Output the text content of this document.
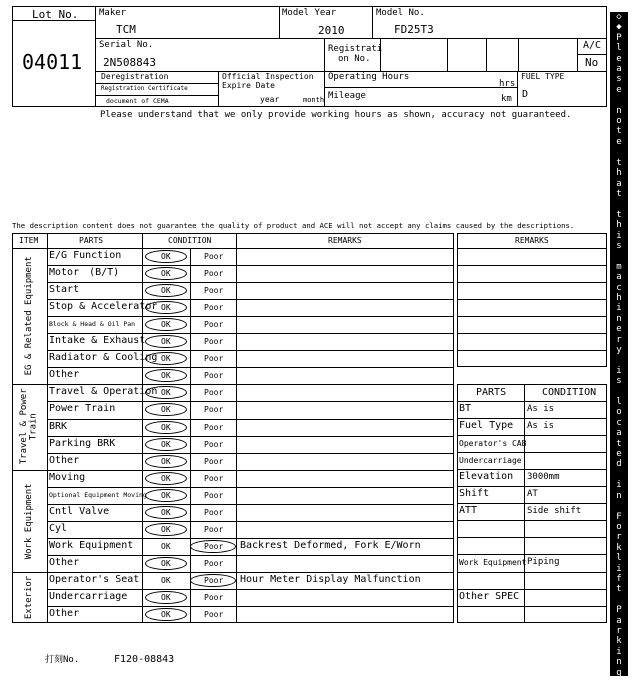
Lot No.
04011
Maker
TCM
Model Year
2010
Model No.
FD25T3
Serial No.
2N508843
Registrati
on No.
A/C
No
Deregistration
Registration Certificate
document of CEMA
Official Inspection
Expire Date
year	month
Operating Hours
hrs
Mileage	km
FUEL TYPE
D
Please understand that we only provide working hours as shown, accuracy not guaranteed.
The description content does not guarantee the quality of product and ACE will not accept any claims caused by the descriptions.
ITEM	PARTS	CONDITION	REMARKS
EG & Related Equipment
E/G Function	OK	Poor
Motor　(B/T)	OK	Poor
Start	OK	Poor
Stop & Accelerator OK	Poor
Block & Head & Oil Pan	OK	Poor
Intake & Exhaust OK	Poor
Radiator & Cooling OK	Poor
Other	OK	Poor
Travel & Power Train
Travel & Operation OK	Poor
Power Train	OK	Poor
BRK	OK	Poor
Parking BRK	OK	Poor
Other	OK	Poor
Work Equipment
Moving	OK	Poor
Optional Equipment Moving OK	Poor
Cntl Valve	OK	Poor
Cyl	OK	Poor
Work Equipment	OK	Poor Backrest Deformed, Fork E/Worn
Other	OK	Poor
Exterior	Operator's Seat	OK	Poor Hour Meter Display Malfunction
Undercarriage	OK	Poor
Other	OK	Poor
REMARKS
PARTS	CONDITION
BT	As is
Fuel Type As is
Operator's CAB
Undercarriage
Elevation 3000mm
Shift	AT
ATT	Side shift
Work Equipment Piping
Other SPEC
打刻No.	F120-08843
◇
◆
P
l
e
a
s
e

n
o
t
e

t
h
a
t

t
h
i
s

m
a
c
h
i
n
e
r
y

i
s

l
o
c
a
t
e
d

i
n

F
o
r
k
l
i
f
t

P
a
r
k
i
n
g
◆
◇
